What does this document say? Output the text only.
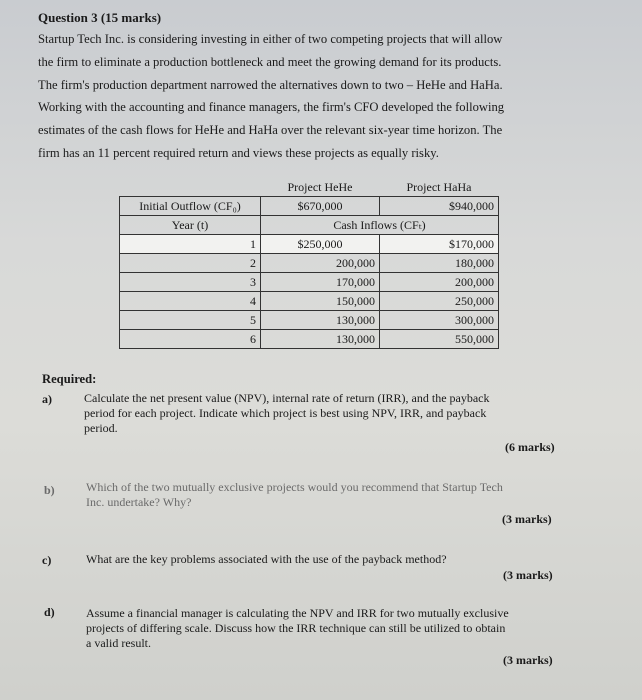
Question 3 (15 marks)
Startup Tech Inc. is considering investing in either of two competing projects that will allow
the firm to eliminate a production bottleneck and meet the growing demand for its products.
The firm's production department narrowed the alternatives down to two – HeHe and HaHa.
Working with the accounting and finance managers, the firm's CFO developed the following
estimates of the cash flows for HeHe and HaHa over the relevant six-year time horizon. The
firm has an 11 percent required return and views these projects as equally risky.
	Project HeHe	Project HaHa
Initial Outflow (CF₀)	$670,000	$940,000
Year (t)	Cash Inflows (CFₜ)	
1	$250,000	$170,000
2	200,000	180,000
3	170,000	200,000
4	150,000	250,000
5	130,000	300,000
6	130,000	550,000
Required:
a)	Calculate the net present value (NPV), internal rate of return (IRR), and the payback
period for each project. Indicate which project is best using NPV, IRR, and payback
period.
(6 marks)
b)	Which of the two mutually exclusive projects would you recommend that Startup Tech
Inc. undertake? Why?
(3 marks)
c)	What are the key problems associated with the use of the payback method?
(3 marks)
d)	Assume a financial manager is calculating the NPV and IRR for two mutually exclusive
projects of differing scale. Discuss how the IRR technique can still be utilized to obtain
a valid result.
(3 marks)
